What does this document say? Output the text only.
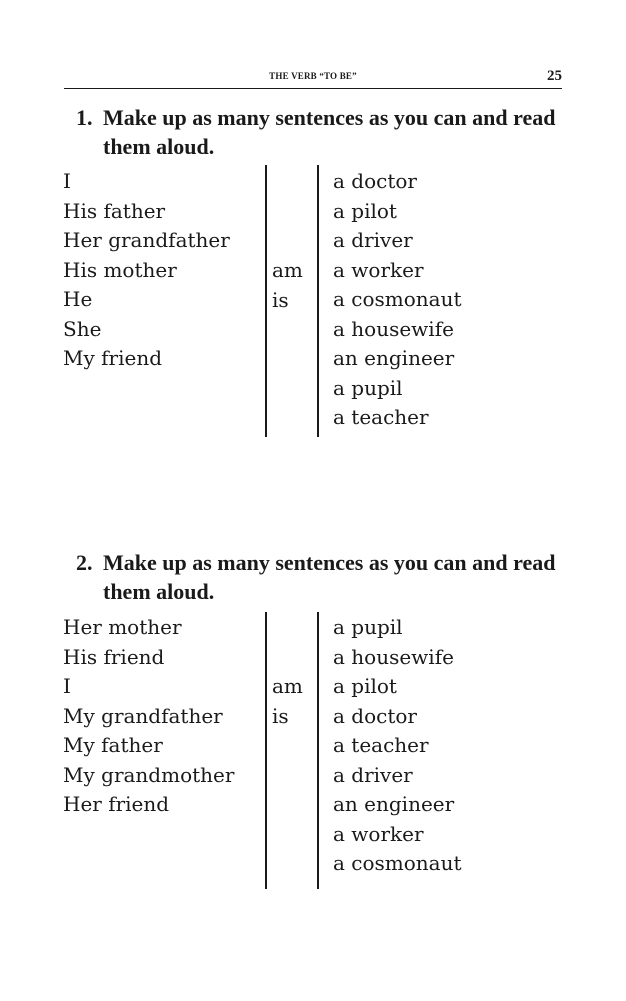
THE VERB “TO BE”	25
1. Make up as many sentences as you can and read them aloud.
I
His father
Her grandfather
His mother
He
She
My friend
am
is
a doctor
a pilot
a driver
a worker
a cosmonaut
a housewife
an engineer
a pupil
a teacher
2. Make up as many sentences as you can and read them aloud.
Her mother
His friend
I
My grandfather
My father
My grandmother
Her friend
am
is
a pupil
a housewife
a pilot
a doctor
a teacher
a driver
an engineer
a worker
a cosmonaut
